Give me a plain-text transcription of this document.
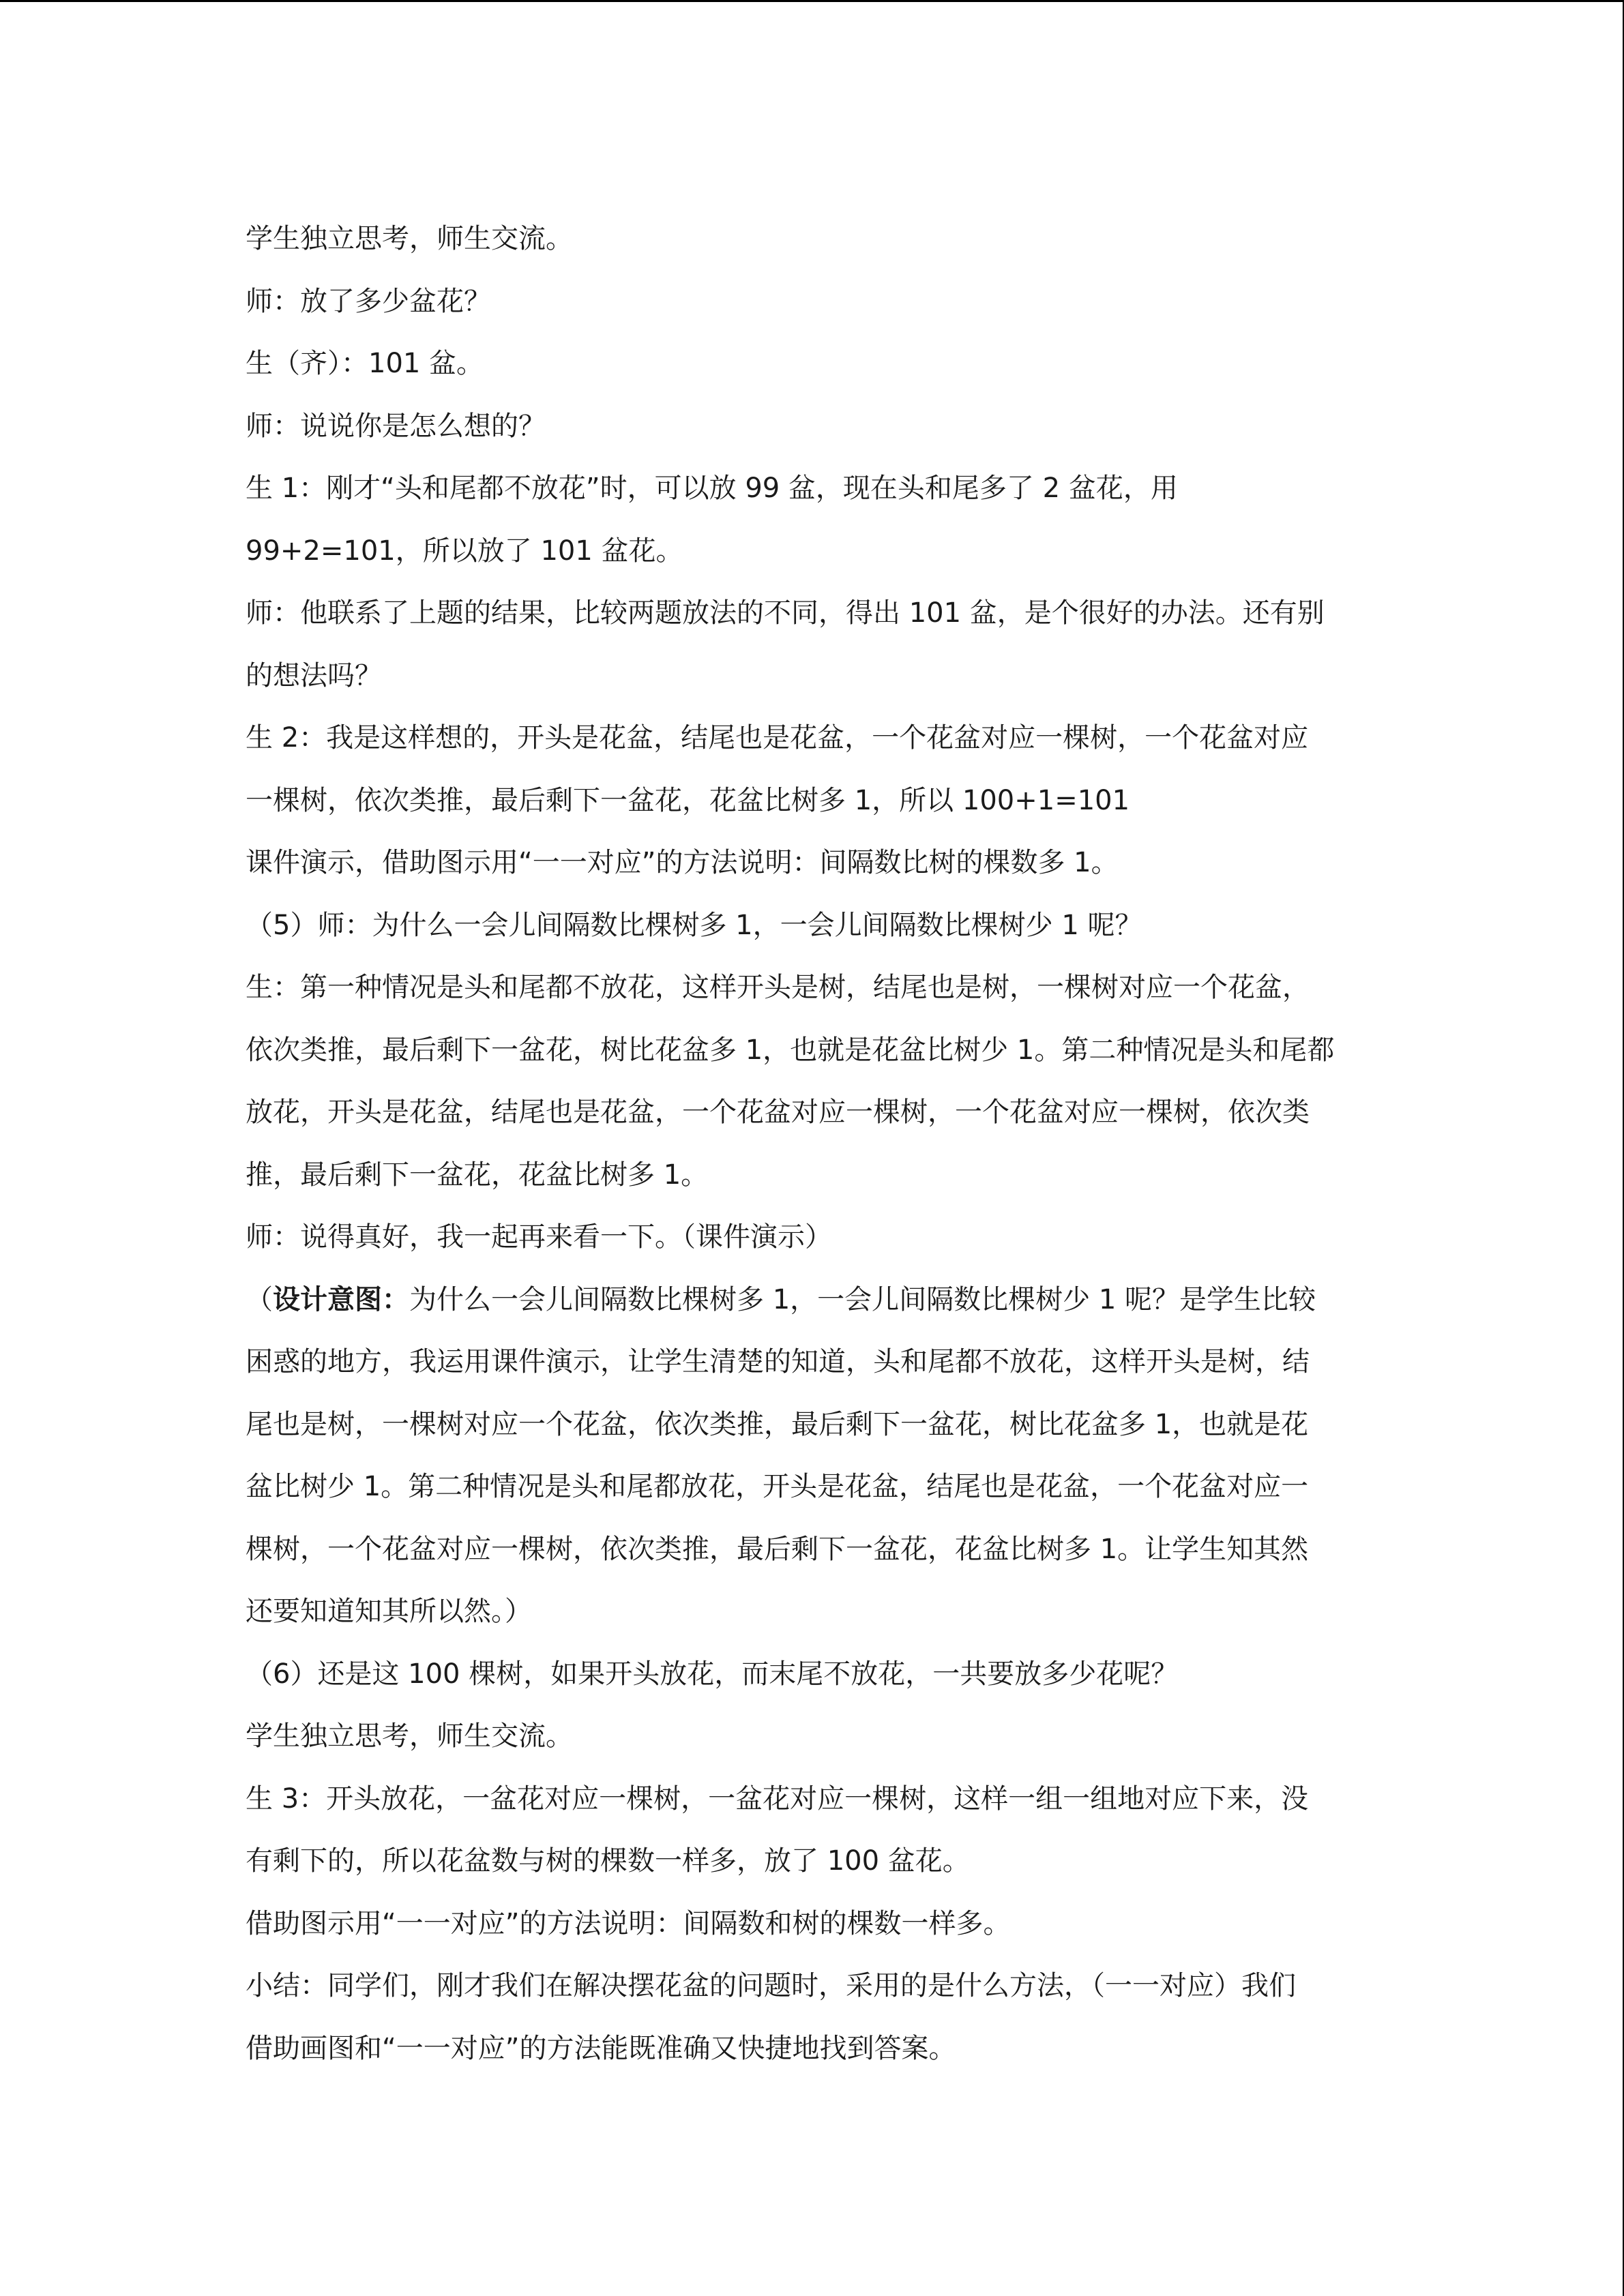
学生独立思考，师生交流。
师：放了多少盆花？
生（齐）：101 盆。
师：说说你是怎么想的？
生 1：刚才“头和尾都不放花”时，可以放 99 盆，现在头和尾多了 2 盆花，用
99+2=101，所以放了 101 盆花。
师：他联系了上题的结果，比较两题放法的不同，得出 101 盆，是个很好的办法。还有别
的想法吗？
生 2：我是这样想的，开头是花盆，结尾也是花盆，一个花盆对应一棵树，一个花盆对应
一棵树，依次类推，最后剩下一盆花，花盆比树多 1，所以 100+1=101
课件演示，借助图示用“一一对应”的方法说明：间隔数比树的棵数多 1。
（5）师：为什么一会儿间隔数比棵树多 1，一会儿间隔数比棵树少 1 呢？
生：第一种情况是头和尾都不放花，这样开头是树，结尾也是树，一棵树对应一个花盆，
依次类推，最后剩下一盆花，树比花盆多 1，也就是花盆比树少 1。第二种情况是头和尾都
放花，开头是花盆，结尾也是花盆，一个花盆对应一棵树，一个花盆对应一棵树，依次类
推，最后剩下一盆花，花盆比树多 1。
师：说得真好，我一起再来看一下。（课件演示）
（设计意图：为什么一会儿间隔数比棵树多 1，一会儿间隔数比棵树少 1 呢？是学生比较
困惑的地方，我运用课件演示，让学生清楚的知道，头和尾都不放花，这样开头是树，结
尾也是树，一棵树对应一个花盆，依次类推，最后剩下一盆花，树比花盆多 1，也就是花
盆比树少 1。第二种情况是头和尾都放花，开头是花盆，结尾也是花盆，一个花盆对应一
棵树，一个花盆对应一棵树，依次类推，最后剩下一盆花，花盆比树多 1。让学生知其然
还要知道知其所以然。）
（6）还是这 100 棵树，如果开头放花，而末尾不放花，一共要放多少花呢？
学生独立思考，师生交流。
生 3：开头放花，一盆花对应一棵树，一盆花对应一棵树，这样一组一组地对应下来，没
有剩下的，所以花盆数与树的棵数一样多，放了 100 盆花。
借助图示用“一一对应”的方法说明：间隔数和树的棵数一样多。
小结：同学们，刚才我们在解决摆花盆的问题时，采用的是什么方法，（一一对应）我们
借助画图和“一一对应”的方法能既准确又快捷地找到答案。
